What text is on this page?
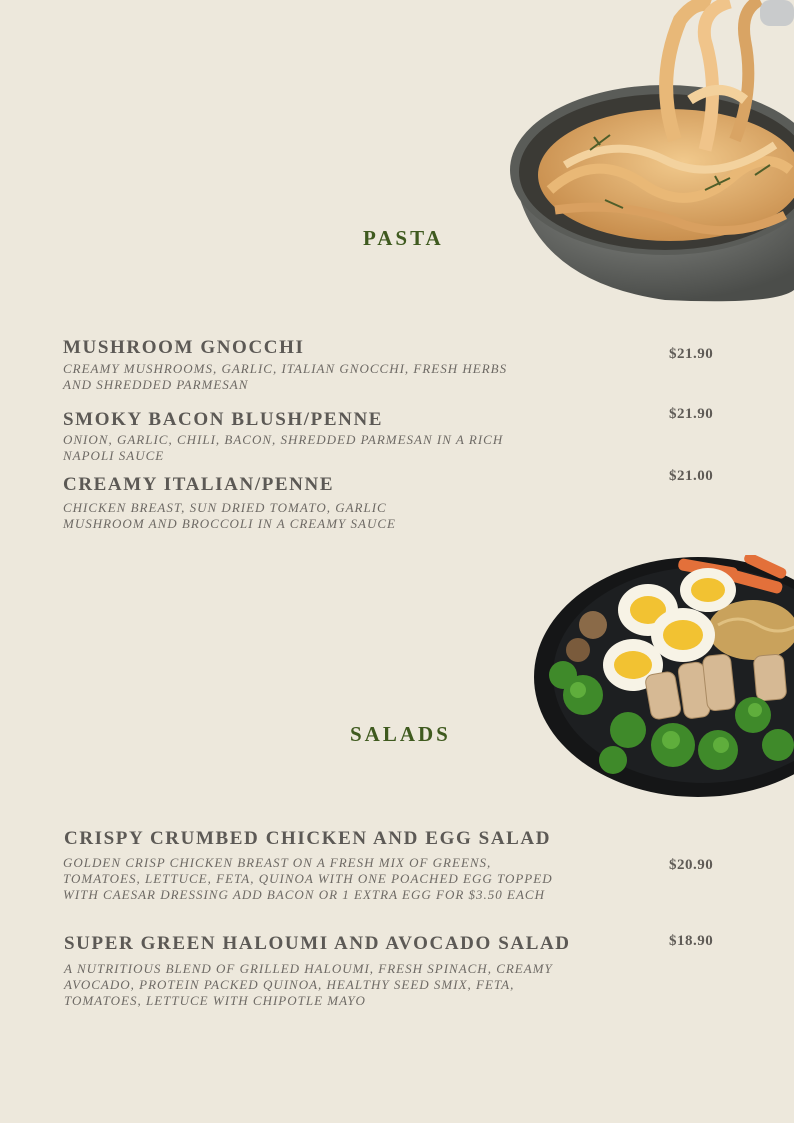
PASTA
MUSHROOM GNOCCHI
CREAMY MUSHROOMS, GARLIC, ITALIAN GNOCCHI, FRESH HERBS AND SHREDDED PARMESAN
$21.90
SMOKY BACON BLUSH/PENNE
ONION, GARLIC, CHILI, BACON, SHREDDED PARMESAN IN A RICH NAPOLI SAUCE
$21.90
CREAMY ITALIAN/PENNE
CHICKEN BREAST, SUN DRIED TOMATO, GARLIC MUSHROOM AND BROCCOLI IN A CREAMY SAUCE
$21.00
SALADS
CRISPY CRUMBED CHICKEN AND EGG SALAD
GOLDEN CRISP CHICKEN BREAST ON A FRESH MIX OF GREENS, TOMATOES, LETTUCE, FETA, QUINOA WITH ONE POACHED EGG TOPPED WITH CAESAR DRESSING ADD BACON OR 1 EXTRA EGG FOR $3.50 EACH
$20.90
SUPER GREEN HALOUMI AND AVOCADO SALAD
A NUTRITIOUS BLEND OF GRILLED HALOUMI, FRESH SPINACH, CREAMY AVOCADO, PROTEIN PACKED QUINOA, HEALTHY SEED SMIX, FETA, TOMATOES, LETTUCE WITH CHIPOTLE MAYO
$18.90
